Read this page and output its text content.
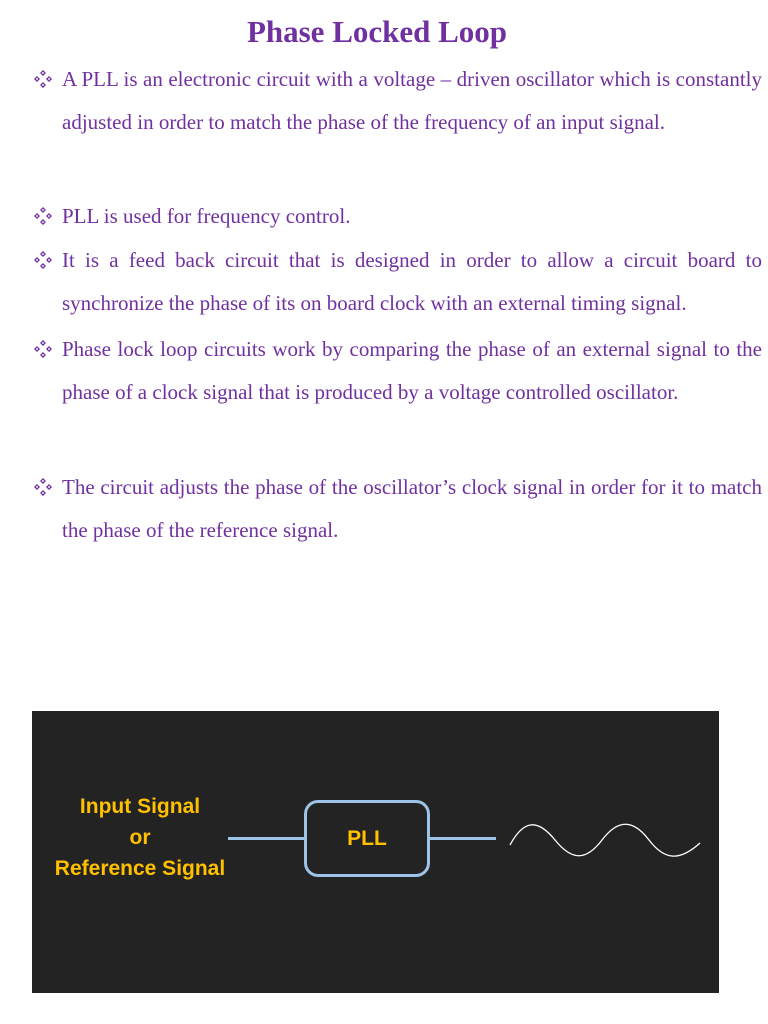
Phase Locked Loop
A PLL is an electronic circuit with a voltage – driven oscillator which is constantly adjusted in order to match the phase of the frequency of an input signal.
PLL is used for frequency control.
It is a feed back circuit that is designed in order to allow a circuit board to synchronize the phase of its on board clock with an external timing signal.
Phase lock loop circuits work by comparing the phase of an external signal to the phase of a clock signal that is produced by a voltage controlled oscillator.
The circuit adjusts the phase of the oscillator’s clock signal in order for it to match the phase of the reference signal.
Input Signal
or
Reference Signal
PLL
